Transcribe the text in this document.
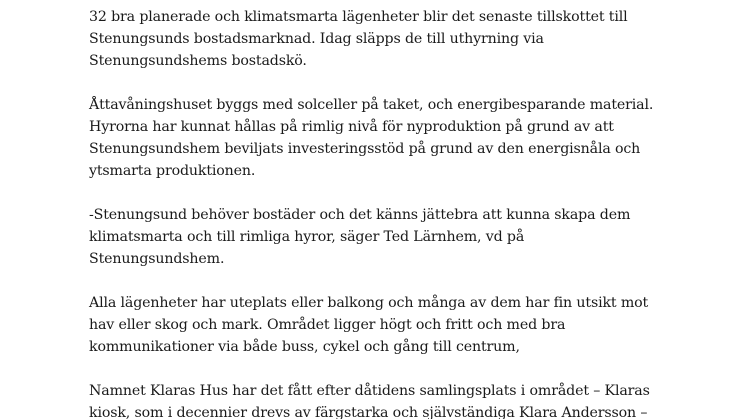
32 bra planerade och klimatsmarta lägenheter blir det senaste tillskottet till
Stenungsunds bostadsmarknad. Idag släpps de till uthyrning via
Stenungsundshems bostadskö.

Åttavåningshuset byggs med solceller på taket, och energibesparande material.
Hyrorna har kunnat hållas på rimlig nivå för nyproduktion på grund av att
Stenungsundshem beviljats investeringsstöd på grund av den energisnåla och
ytsmarta produktionen.

-Stenungsund behöver bostäder och det känns jättebra att kunna skapa dem
klimatsmarta och till rimliga hyror, säger Ted Lärnhem, vd på
Stenungsundshem.

Alla lägenheter har uteplats eller balkong och många av dem har fin utsikt mot
hav eller skog och mark. Området ligger högt och fritt och med bra
kommunikationer via både buss, cykel och gång till centrum,

Namnet Klaras Hus har det fått efter dåtidens samlingsplats i området – Klaras
kiosk, som i decennier drevs av färgstarka och självständiga Klara Andersson –
